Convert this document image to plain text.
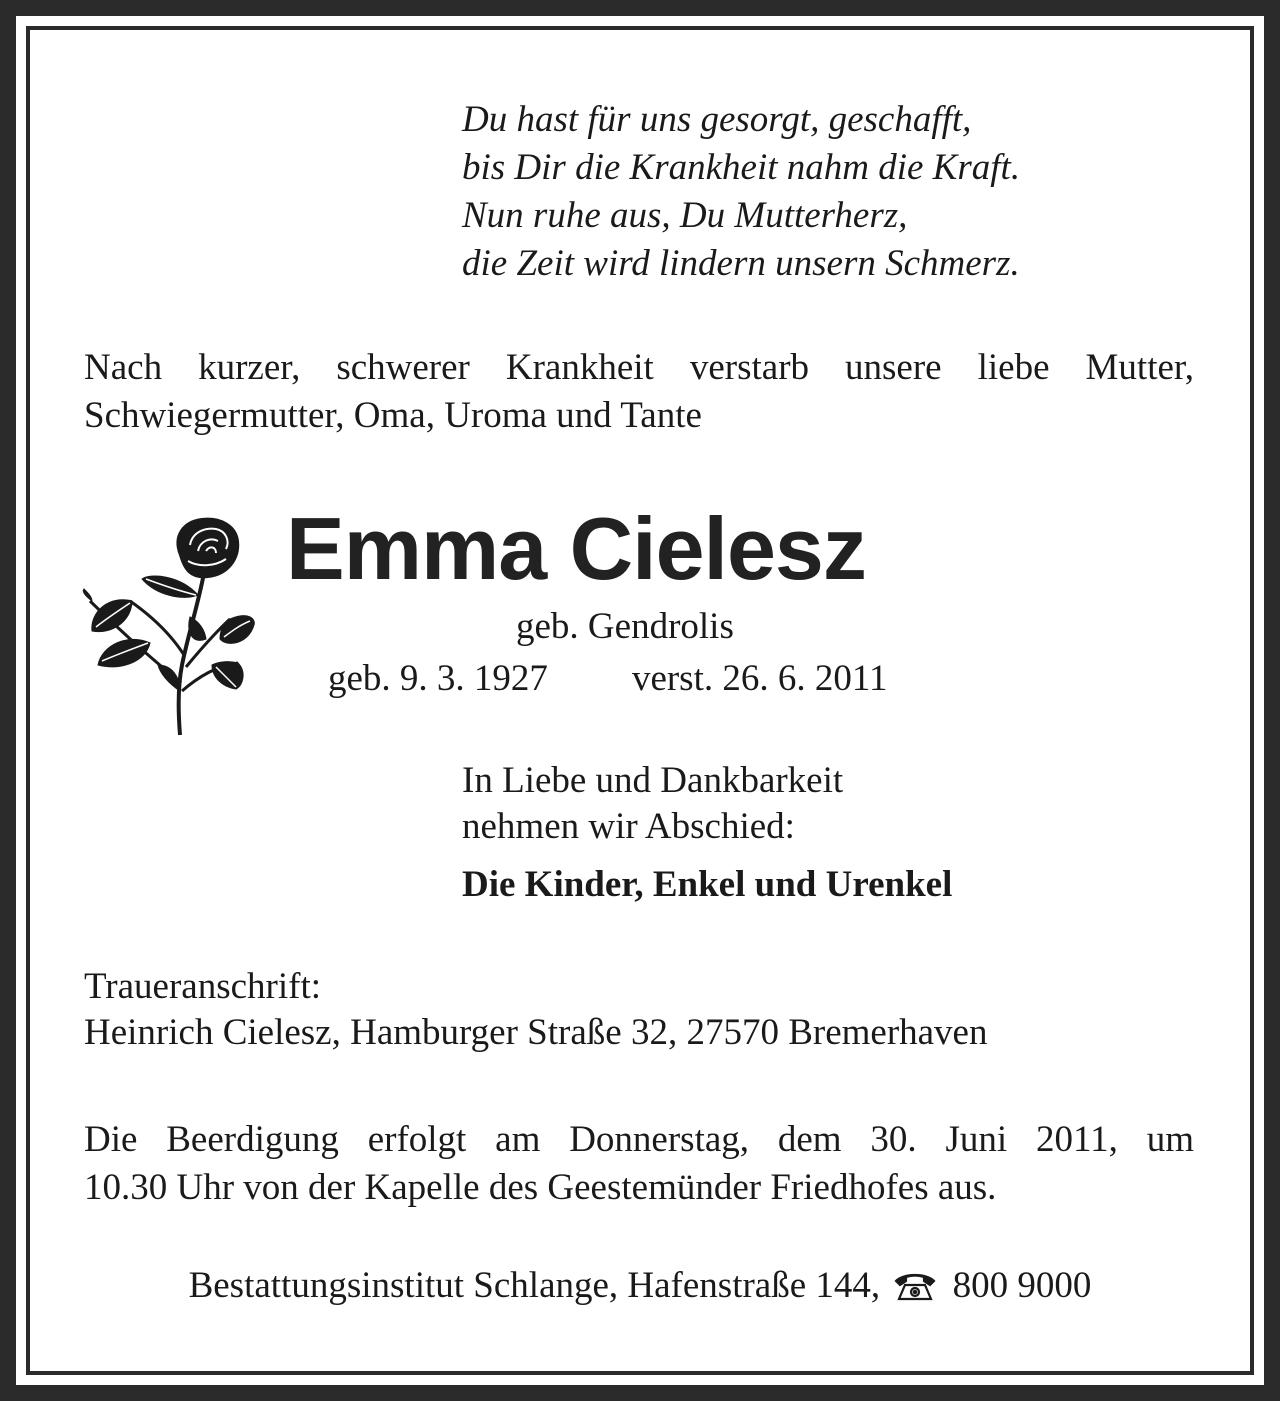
Du hast für uns gesorgt, geschafft,
bis Dir die Krankheit nahm die Kraft.
Nun ruhe aus, Du Mutterherz,
die Zeit wird lindern unsern Schmerz.
Nach kurzer, schwerer Krankheit verstarb unsere liebe Mutter,
Schwiegermutter, Oma, Uroma und Tante
Emma Cielesz
geb. Gendrolis
geb. 9. 3. 1927 verst. 26. 6. 2011
In Liebe und Dankbarkeit
nehmen wir Abschied:
Die Kinder, Enkel und Urenkel
Traueranschrift:
Heinrich Cielesz, Hamburger Straße 32, 27570 Bremerhaven
Die Beerdigung erfolgt am Donnerstag, dem 30. Juni 2011, um
10.30 Uhr von der Kapelle des Geestemünder Friedhofes aus.
Bestattungsinstitut Schlange, Hafenstraße 144, 800 9000
